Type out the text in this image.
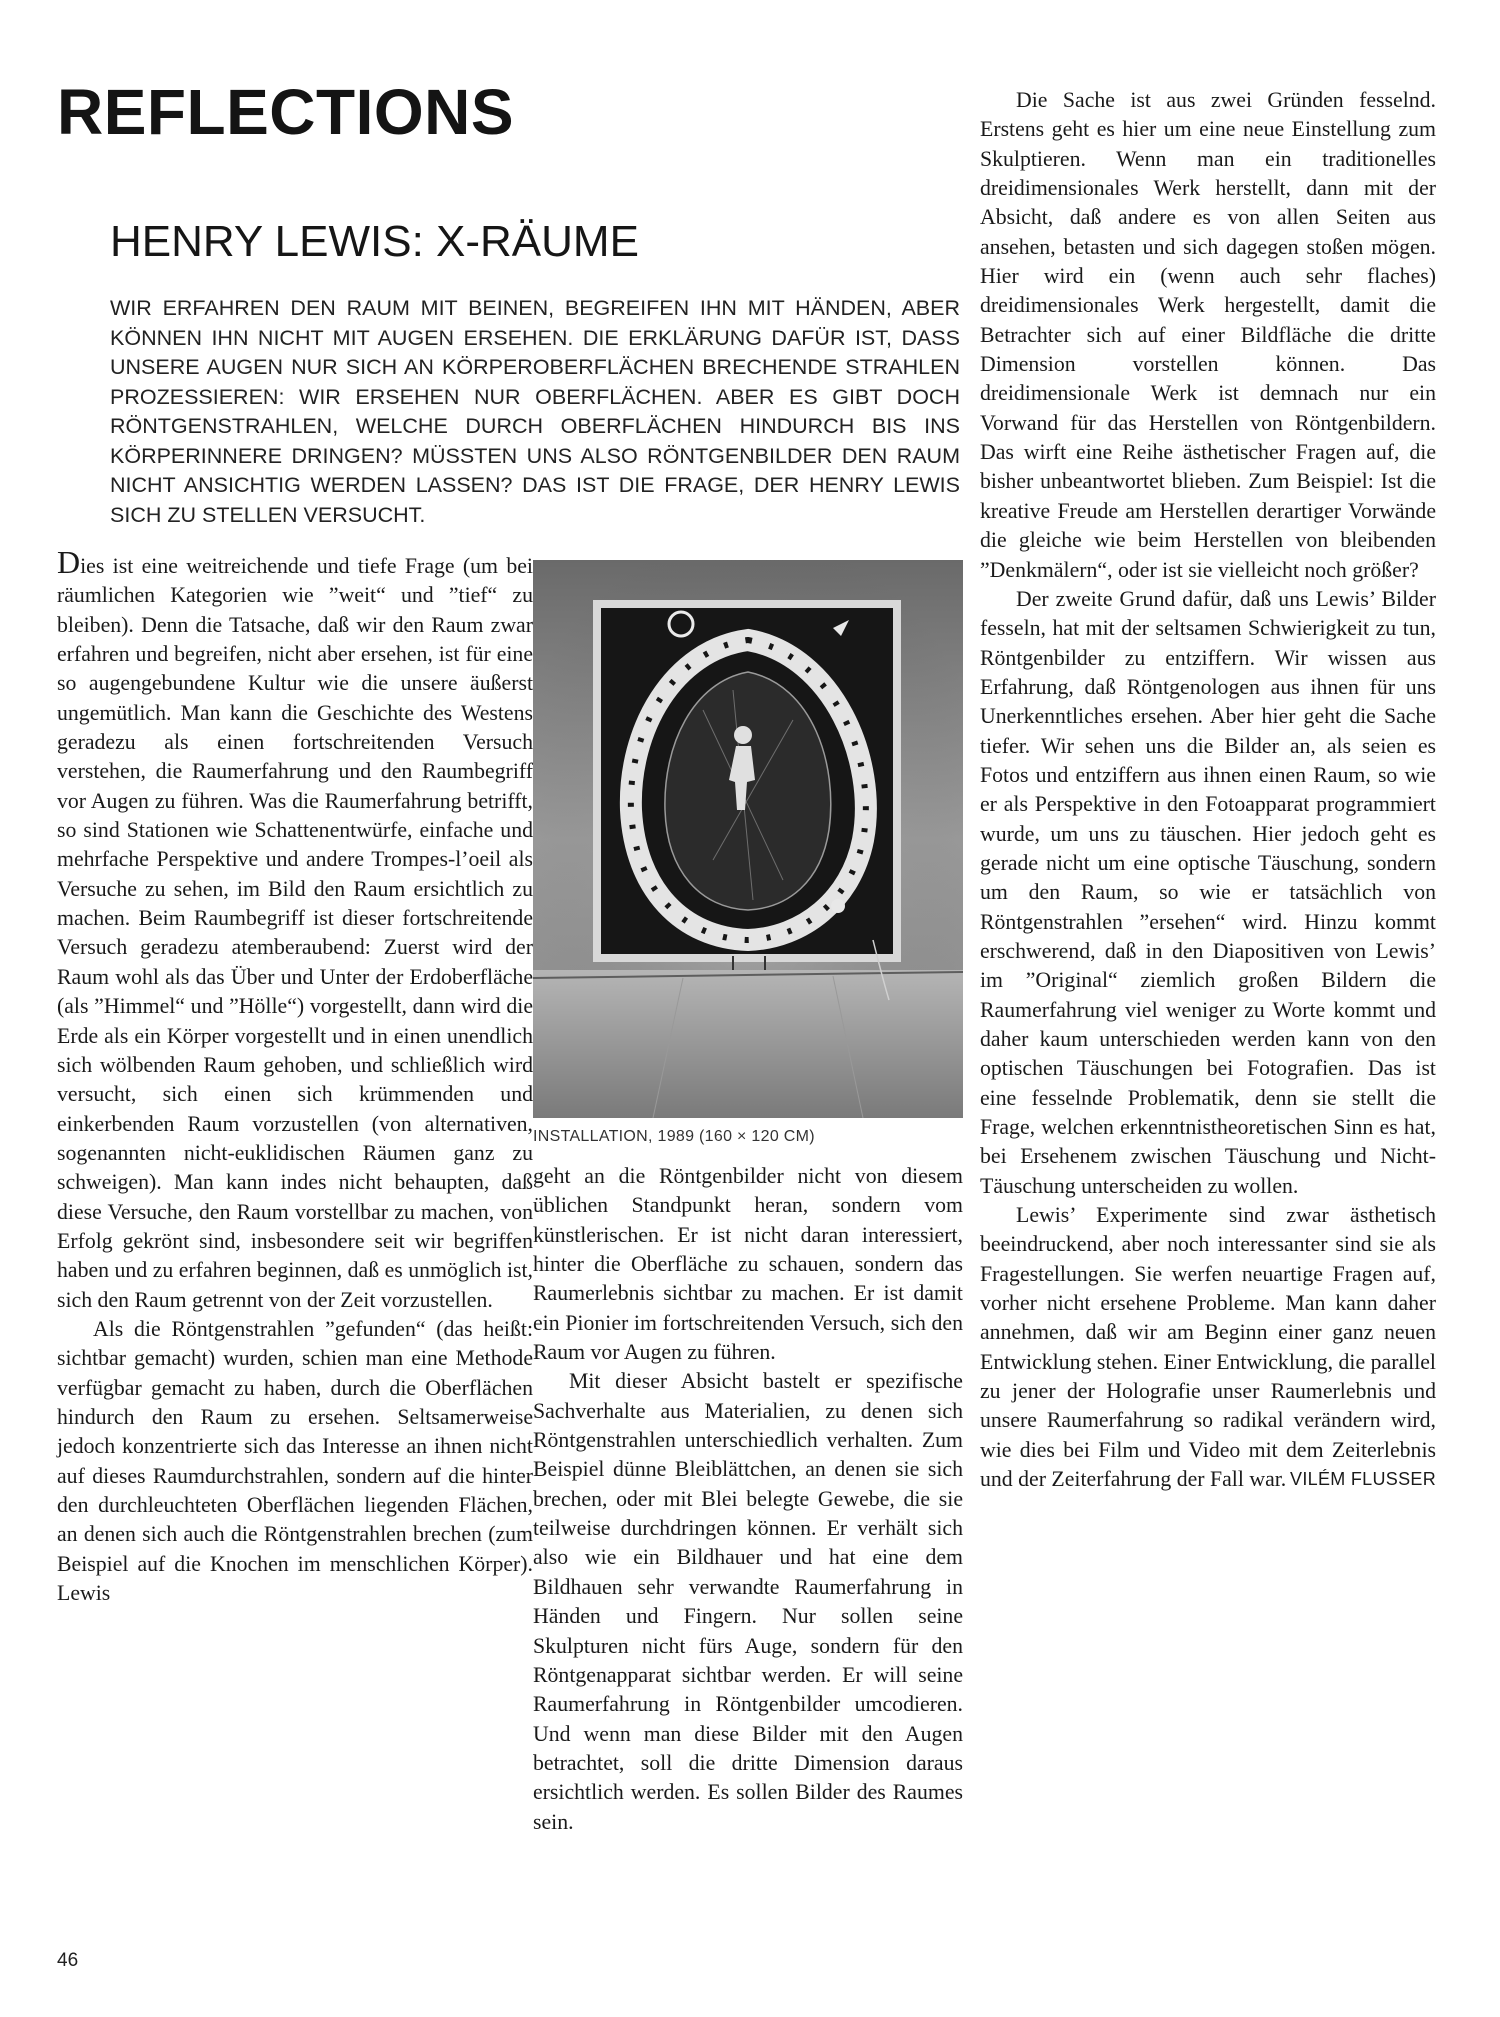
REFLECTIONS
HENRY LEWIS: X-RÄUME

WIR ERFAHREN DEN RAUM MIT BEINEN, BEGREIFEN IHN MIT HÄNDEN, ABER KÖNNEN IHN NICHT MIT AUGEN ERSEHEN. DIE ERKLÄRUNG DAFÜR IST, DASS UNSERE AUGEN NUR SICH AN KÖRPEROBERFLÄCHEN BRECHENDE STRAHLEN PROZESSIEREN: WIR ERSEHEN NUR OBERFLÄCHEN. ABER ES GIBT DOCH RÖNTGENSTRAHLEN, WELCHE DURCH OBERFLÄCHEN HINDURCH BIS INS KÖRPERINNERE DRINGEN? MÜSSTEN UNS ALSO RÖNTGENBILDER DEN RAUM NICHT ANSICHTIG WERDEN LASSEN? DAS IST DIE FRAGE, DER HENRY LEWIS SICH ZU STELLEN VERSUCHT.

Dies ist eine weitreichende und tiefe Frage (um bei räumlichen Kategorien wie ”weit“ und ”tief“ zu bleiben). Denn die Tatsache, daß wir den Raum zwar erfahren und begreifen, nicht aber ersehen, ist für eine so augengebundene Kultur wie die unsere äußerst ungemütlich. Man kann die Geschichte des Westens geradezu als einen fortschreitenden Versuch verstehen, die Raumerfahrung und den Raumbegriff vor Augen zu führen. Was die Raumerfahrung betrifft, so sind Stationen wie Schattenentwürfe, einfache und mehrfache Perspektive und andere Trompes-l’oeil als Versuche zu sehen, im Bild den Raum ersichtlich zu machen. Beim Raumbegriff ist dieser fortschreitende Versuch geradezu atemberaubend: Zuerst wird der Raum wohl als das Über und Unter der Erdoberfläche (als ”Himmel“ und ”Hölle“) vorgestellt, dann wird die Erde als ein Körper vorgestellt und in einen unendlich sich wölbenden Raum gehoben, und schließlich wird versucht, sich einen sich krümmenden und einkerbenden Raum vorzustellen (von alternativen, sogenannten nicht-euklidischen Räumen ganz zu schweigen). Man kann indes nicht behaupten, daß diese Versuche, den Raum vorstellbar zu machen, von Erfolg gekrönt sind, insbesondere seit wir begriffen haben und zu erfahren beginnen, daß es unmöglich ist, sich den Raum getrennt von der Zeit vorzustellen.

Als die Röntgenstrahlen ”gefunden“ (das heißt: sichtbar gemacht) wurden, schien man eine Methode verfügbar gemacht zu haben, durch die Oberflächen hindurch den Raum zu ersehen. Seltsamerweise jedoch konzentrierte sich das Interesse an ihnen nicht auf dieses Raumdurchstrahlen, sondern auf die hinter den durchleuchteten Oberflächen liegenden Flächen, an denen sich auch die Röntgenstrahlen brechen (zum Beispiel auf die Knochen im menschlichen Körper). Lewis

INSTALLATION, 1989 (160 × 120 CM)

geht an die Röntgenbilder nicht von diesem üblichen Standpunkt heran, sondern vom künstlerischen. Er ist nicht daran interessiert, hinter die Oberfläche zu schauen, sondern das Raumerlebnis sichtbar zu machen. Er ist damit ein Pionier im fortschreitenden Versuch, sich den Raum vor Augen zu führen.

Mit dieser Absicht bastelt er spezifische Sachverhalte aus Materialien, zu denen sich Röntgenstrahlen unterschiedlich verhalten. Zum Beispiel dünne Bleiblättchen, an denen sie sich brechen, oder mit Blei belegte Gewebe, die sie teilweise durchdringen können. Er verhält sich also wie ein Bildhauer und hat eine dem Bildhauen sehr verwandte Raumerfahrung in Händen und Fingern. Nur sollen seine Skulpturen nicht fürs Auge, sondern für den Röntgenapparat sichtbar werden. Er will seine Raumerfahrung in Röntgenbilder umcodieren. Und wenn man diese Bilder mit den Augen betrachtet, soll die dritte Dimension daraus ersichtlich werden. Es sollen Bilder des Raumes sein.

Die Sache ist aus zwei Gründen fesselnd. Erstens geht es hier um eine neue Einstellung zum Skulptieren. Wenn man ein traditionelles dreidimensionales Werk herstellt, dann mit der Absicht, daß andere es von allen Seiten aus ansehen, betasten und sich dagegen stoßen mögen. Hier wird ein (wenn auch sehr flaches) dreidimensionales Werk hergestellt, damit die Betrachter sich auf einer Bildfläche die dritte Dimension vorstellen können. Das dreidimensionale Werk ist demnach nur ein Vorwand für das Herstellen von Röntgenbildern. Das wirft eine Reihe ästhetischer Fragen auf, die bisher unbeantwortet blieben. Zum Beispiel: Ist die kreative Freude am Herstellen derartiger Vorwände die gleiche wie beim Herstellen von bleibenden ”Denkmälern“, oder ist sie vielleicht noch größer?

Der zweite Grund dafür, daß uns Lewis’ Bilder fesseln, hat mit der seltsamen Schwierigkeit zu tun, Röntgenbilder zu entziffern. Wir wissen aus Erfahrung, daß Röntgenologen aus ihnen für uns Unerkenntliches ersehen. Aber hier geht die Sache tiefer. Wir sehen uns die Bilder an, als seien es Fotos und entziffern aus ihnen einen Raum, so wie er als Perspektive in den Fotoapparat programmiert wurde, um uns zu täuschen. Hier jedoch geht es gerade nicht um eine optische Täuschung, sondern um den Raum, so wie er tatsächlich von Röntgenstrahlen ”ersehen“ wird. Hinzu kommt erschwerend, daß in den Diapositiven von Lewis’ im ”Original“ ziemlich großen Bildern die Raumerfahrung viel weniger zu Worte kommt und daher kaum unterschieden werden kann von den optischen Täuschungen bei Fotografien. Das ist eine fesselnde Problematik, denn sie stellt die Frage, welchen erkenntnistheoretischen Sinn es hat, bei Ersehenem zwischen Täuschung und Nicht-Täuschung unterscheiden zu wollen.

Lewis’ Experimente sind zwar ästhetisch beeindruckend, aber noch interessanter sind sie als Fragestellungen. Sie werfen neuartige Fragen auf, vorher nicht ersehene Probleme. Man kann daher annehmen, daß wir am Beginn einer ganz neuen Entwicklung stehen. Einer Entwicklung, die parallel zu jener der Holografie unser Raumerlebnis und unsere Raumerfahrung so radikal verändern wird, wie dies bei Film und Video mit dem Zeiterlebnis und der Zeiterfahrung der Fall war. VILÉM FLUSSER

46
